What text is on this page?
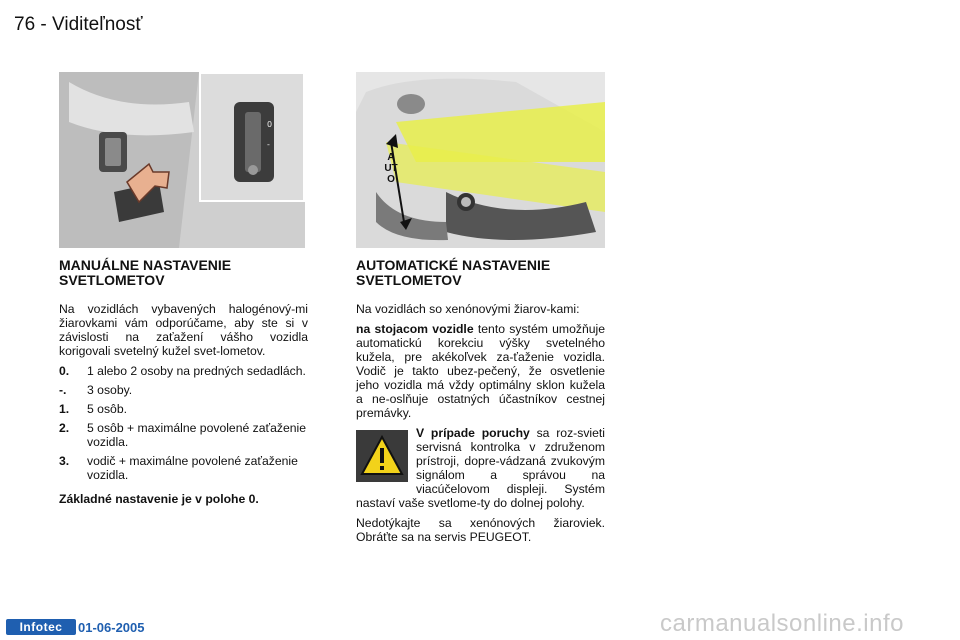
76 - Viditeľnosť
0
-
AUTO
MANUÁLNE NASTAVENIE
SVETLOMETOV
Na vozidlách vybavených halogénový-mi žiarovkami vám odporúčame, aby ste si v závislosti na zaťažení vášho vozidla korigovali svetelný kužel svet-lometov.
0.	1 alebo 2 osoby na predných sedadlách.
-.	3 osoby.
1.	5 osôb.
2.	5 osôb + maximálne povolené zaťaženie vozidla.
3.	vodič + maximálne povolené zaťaženie vozidla.
Základné nastavenie je v polohe 0.
AUTOMATICKÉ NASTAVENIE
SVETLOMETOV
Na vozidlách so xenónovými žiarov-kami:
na stojacom vozidle tento systém umožňuje automatickú korekciu výšky svetelného kužela, pre akékoľvek za-ťaženie vozidla. Vodič je takto ubez-pečený, že osvetlenie jeho vozidla má vždy optimálny sklon kužela a ne-oslňuje ostatných účastníkov cestnej premávky.
V prípade poruchy sa roz-svieti servisná kontrolka v združenom prístroji, dopre-vádzaná zvukovým signálom a správou na viacúčelovom displeji. Systém nastaví vaše svetlome-ty do dolnej polohy.
Nedotýkajte sa xenónových žiaroviek. Obráťte sa na servis PEUGEOT.
Infotec	01-06-2005	carmanualsonline.info
